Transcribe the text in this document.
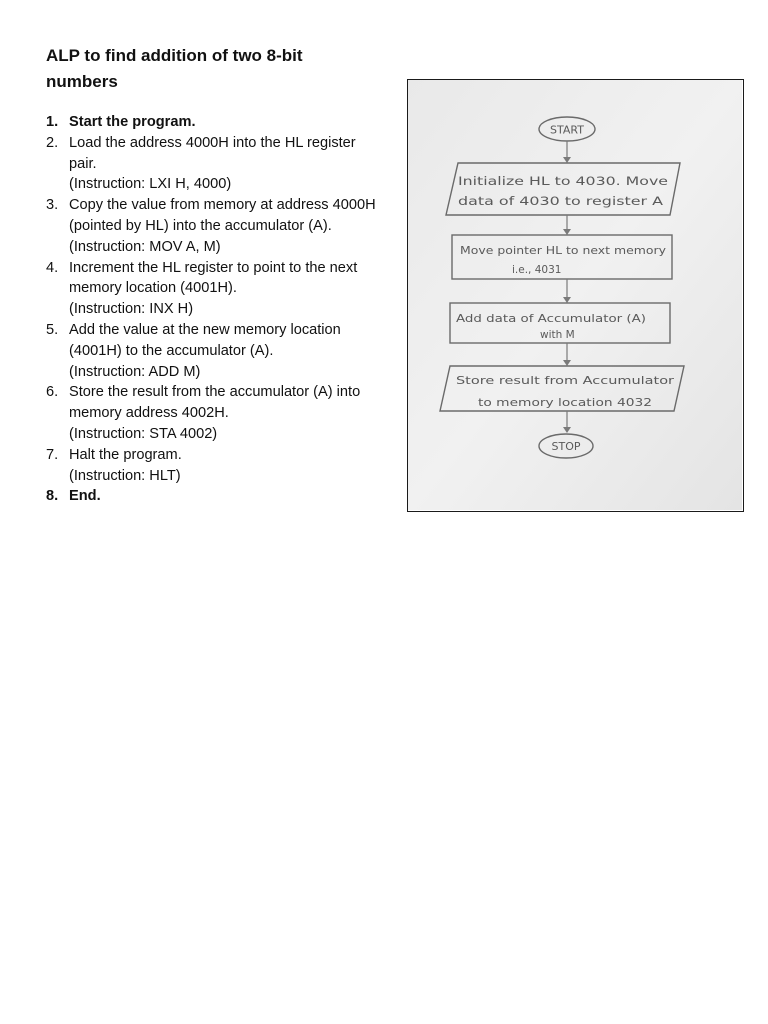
ALP to find addition of two 8-bit numbers
1. Start the program.
2. Load the address 4000H into the HL register pair.
(Instruction: LXI H, 4000)
3. Copy the value from memory at address 4000H (pointed by HL) into the accumulator (A).
(Instruction: MOV A, M)
4. Increment the HL register to point to the next memory location (4001H).
(Instruction: INX H)
5. Add the value at the new memory location (4001H) to the accumulator (A).
(Instruction: ADD M)
6. Store the result from the accumulator (A) into memory address 4002H.
(Instruction: STA 4002)
7. Halt the program.
(Instruction: HLT)
8. End.
START
Initialize HL to 4030. Move
data of 4030 to register A
Move pointer HL to next memory
i.e., 4031
Add data of Accumulator (A)
with M
Store result from Accumulator
to memory location 4032
STOP
